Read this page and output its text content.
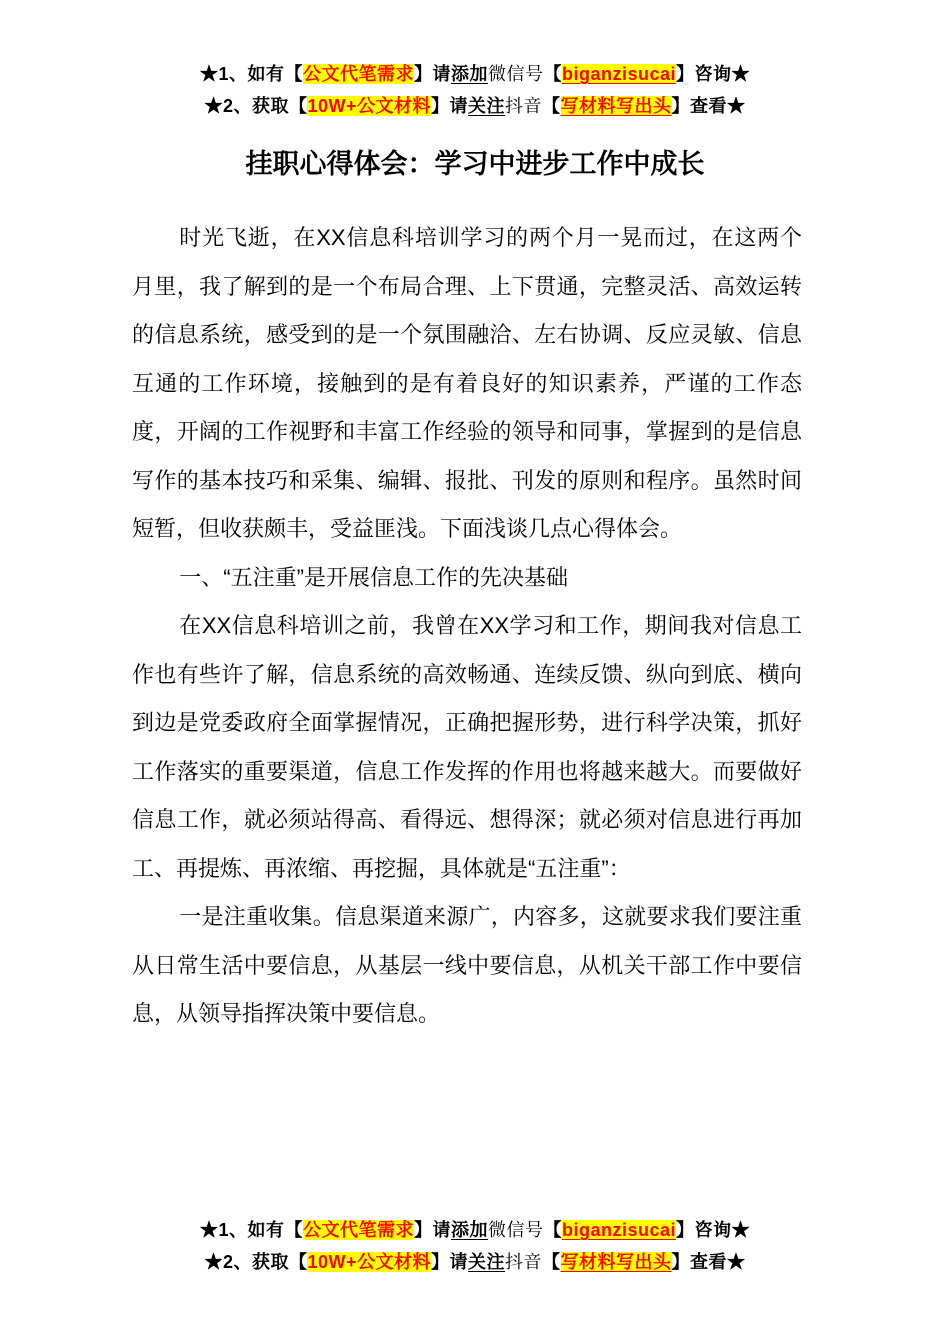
★1、如有【公文代笔需求】请添加微信号【biganzisucai】咨询★
★2、获取【10W+公文材料】请关注抖音【写材料写出头】查看★
挂职心得体会：学习中进步工作中成长

时光飞逝，在XX信息科培训学习的两个月一晃而过，在这两个月里，我了解到的是一个布局合理、上下贯通，完整灵活、高效运转的信息系统，感受到的是一个氛围融洽、左右协调、反应灵敏、信息互通的工作环境，接触到的是有着良好的知识素养，严谨的工作态度，开阔的工作视野和丰富工作经验的领导和同事，掌握到的是信息写作的基本技巧和采集、编辑、报批、刊发的原则和程序。虽然时间短暂，但收获颇丰，受益匪浅。下面浅谈几点心得体会。

一、“五注重”是开展信息工作的先决基础

在XX信息科培训之前，我曾在XX学习和工作，期间我对信息工作也有些许了解，信息系统的高效畅通、连续反馈、纵向到底、横向到边是党委政府全面掌握情况，正确把握形势，进行科学决策，抓好工作落实的重要渠道，信息工作发挥的作用也将越来越大。而要做好信息工作，就必须站得高、看得远、想得深；就必须对信息进行再加工、再提炼、再浓缩、再挖掘，具体就是“五注重”：

一是注重收集。信息渠道来源广，内容多，这就要求我们要注重从日常生活中要信息，从基层一线中要信息，从机关干部工作中要信息，从领导指挥决策中要信息。

★1、如有【公文代笔需求】请添加微信号【biganzisucai】咨询★
★2、获取【10W+公文材料】请关注抖音【写材料写出头】查看★
